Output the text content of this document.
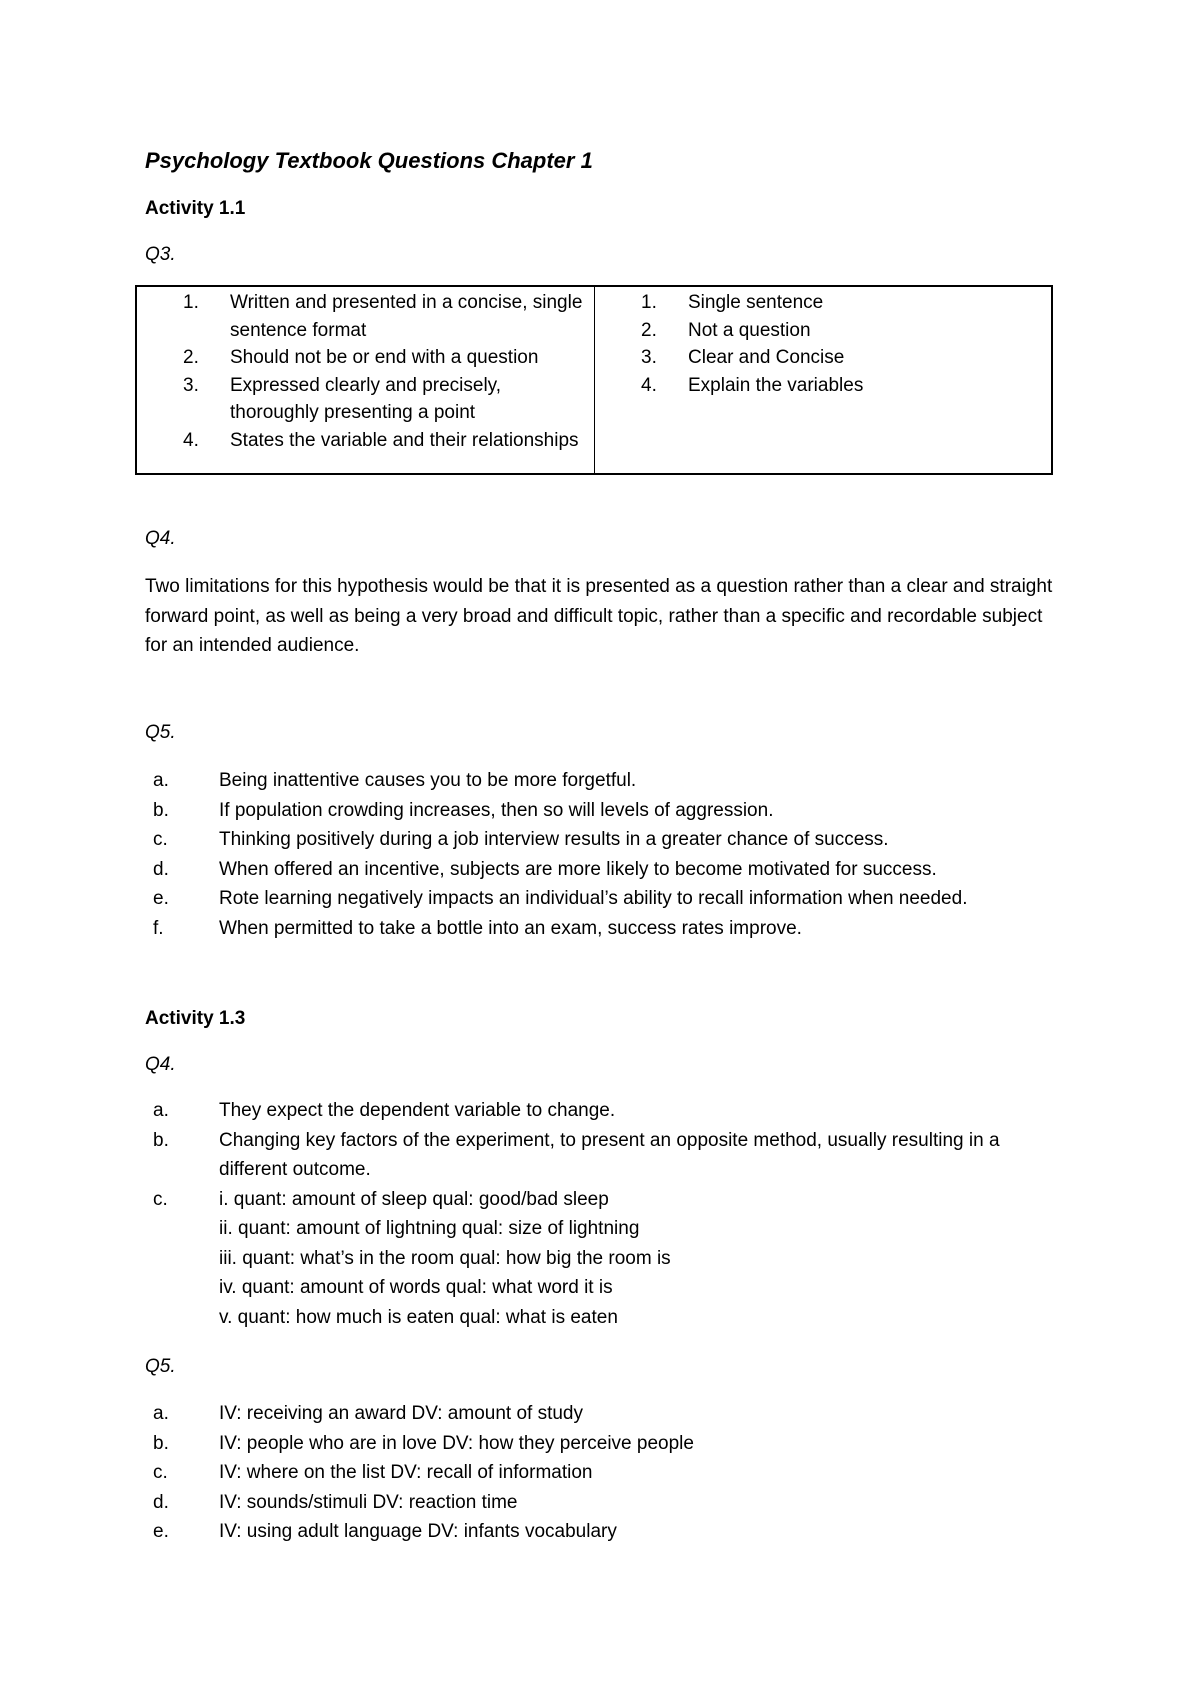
Psychology Textbook Questions Chapter 1
Activity 1.1
Q3.
1. Written and presented in a concise, single sentence format
2. Should not be or end with a question
3. Expressed clearly and precisely, thoroughly presenting a point
4. States the variable and their relationships
1. Single sentence
2. Not a question
3. Clear and Concise
4. Explain the variables
Q4.
Two limitations for this hypothesis would be that it is presented as a question rather than a clear and straight forward point, as well as being a very broad and difficult topic, rather than a specific and recordable subject for an intended audience.
Q5.
a.	Being inattentive causes you to be more forgetful.
b.	If population crowding increases, then so will levels of aggression.
c.	Thinking positively during a job interview results in a greater chance of success.
d.	When offered an incentive, subjects are more likely to become motivated for success.
e.	Rote learning negatively impacts an individual’s ability to recall information when needed.
f.	When permitted to take a bottle into an exam, success rates improve.
Activity 1.3
Q4.
a.	They expect the dependent variable to change.
b.	Changing key factors of the experiment, to present an opposite method, usually resulting in a different outcome.
c.	i. quant: amount of sleep qual: good/bad sleep
ii. quant: amount of lightning qual: size of lightning
iii. quant: what’s in the room qual: how big the room is
iv. quant: amount of words qual: what word it is
v. quant: how much is eaten qual: what is eaten
Q5.
a.	IV: receiving an award DV: amount of study
b.	IV: people who are in love DV: how they perceive people
c.	IV: where on the list DV: recall of information
d.	IV: sounds/stimuli DV: reaction time
e.	IV: using adult language DV: infants vocabulary
